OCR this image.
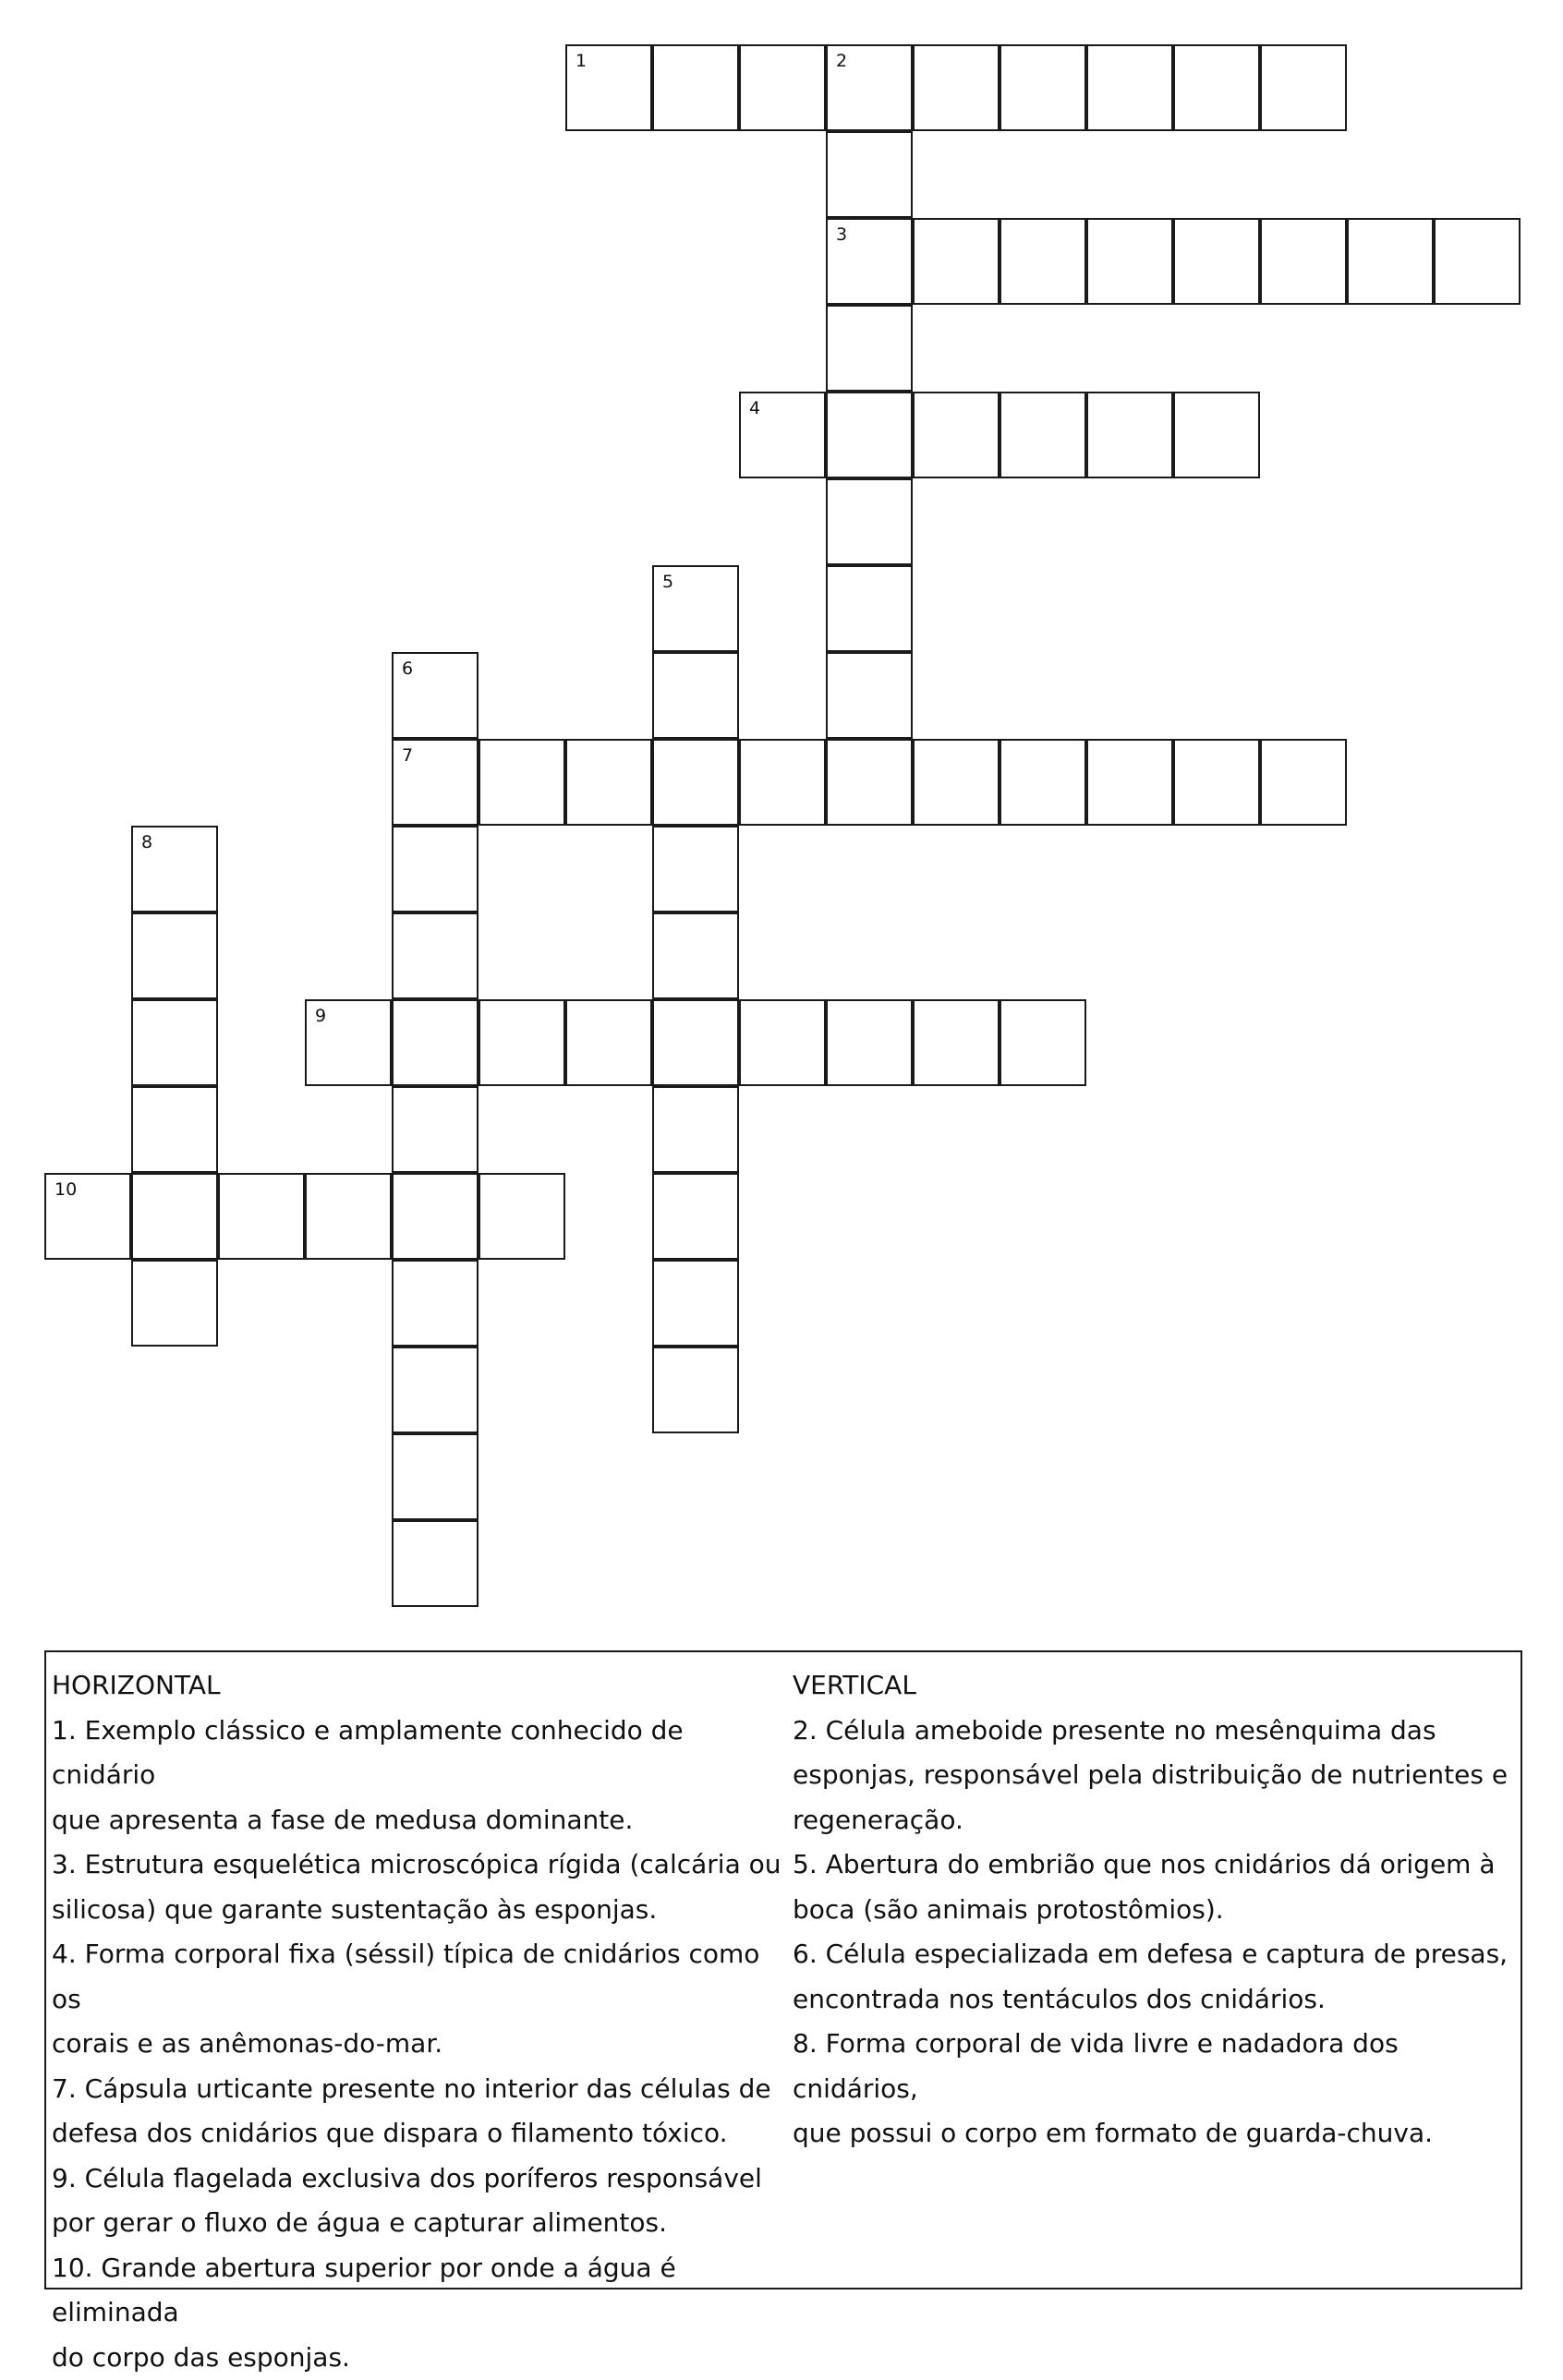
1	2
3
4
5
6
7
8
9
10
HORIZONTAL
1. Exemplo clássico e amplamente conhecido de cnidário
que apresenta a fase de medusa dominante.
3. Estrutura esquelética microscópica rígida (calcária ou
silicosa) que garante sustentação às esponjas.
4. Forma corporal fixa (séssil) típica de cnidários como os
corais e as anêmonas-do-mar.
7. Cápsula urticante presente no interior das células de
defesa dos cnidários que dispara o filamento tóxico.
9. Célula flagelada exclusiva dos poríferos responsável
por gerar o fluxo de água e capturar alimentos.
10. Grande abertura superior por onde a água é eliminada
do corpo das esponjas.
VERTICAL
2. Célula ameboide presente no mesênquima das
esponjas, responsável pela distribuição de nutrientes e
regeneração.
5. Abertura do embrião que nos cnidários dá origem à
boca (são animais protostômios).
6. Célula especializada em defesa e captura de presas,
encontrada nos tentáculos dos cnidários.
8. Forma corporal de vida livre e nadadora dos cnidários,
que possui o corpo em formato de guarda-chuva.
